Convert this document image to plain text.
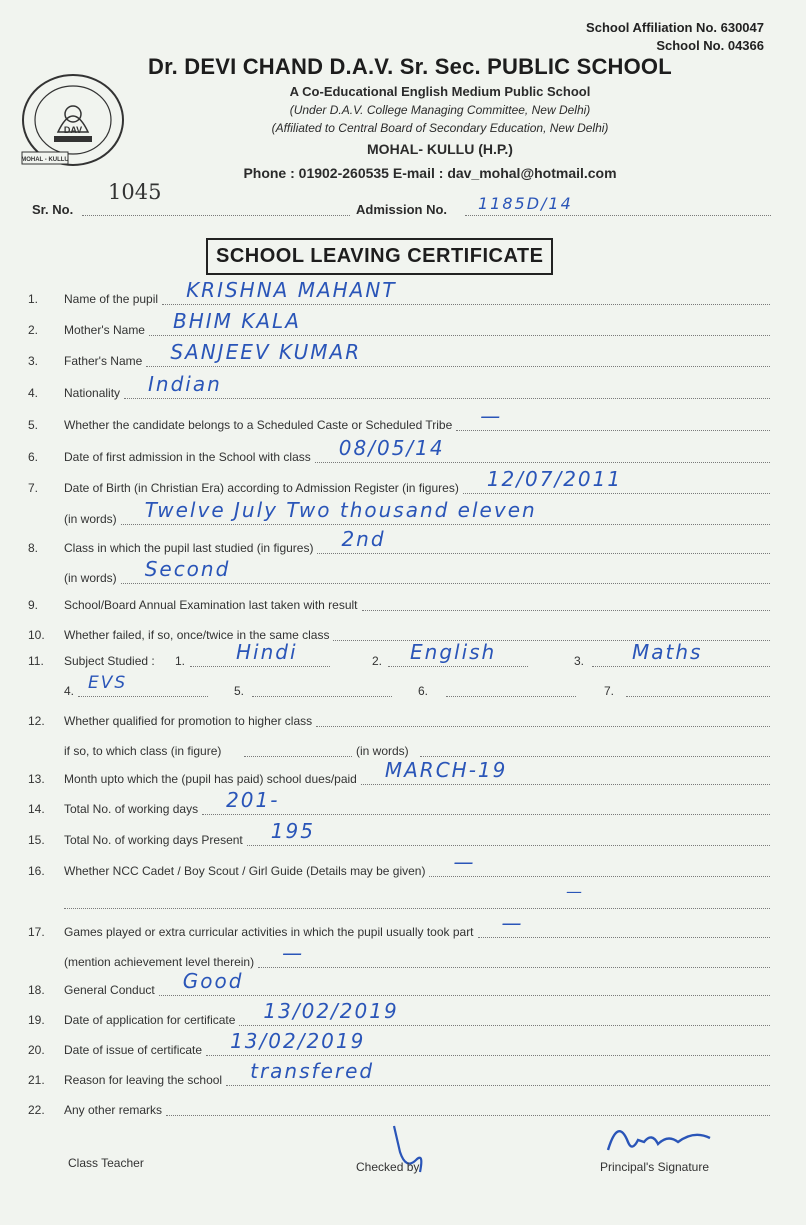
School Affiliation No. 630047
School No. 04366
DAV
MOHAL - KULLU
Dr. DEVI CHAND D.A.V. Sr. Sec. PUBLIC SCHOOL
A Co-Educational English Medium Public School
(Under D.A.V. College Managing Committee, New Delhi)
(Affiliated to Central Board of Secondary Education, New Delhi)
MOHAL- KULLU (H.P.)
Phone : 01902-260535 E-mail : dav_mohal@hotmail.com
1045
Sr. No.	Admission No. 1185D/14
SCHOOL LEAVING CERTIFICATE
1.	Name of the pupil KRISHNA MAHANT
2.	Mother's Name BHIM KALA
3.	Father's Name SANJEEV KUMAR
4.	Nationality Indian
5.	Whether the candidate belongs to a Scheduled Caste or Scheduled Tribe —
6.	Date of first admission in the School with class 08/05/14
7.	Date of Birth (in Christian Era) according to Admission Register (in figures) 12/07/2011
(in words) Twelve July Two thousand eleven
8.	Class in which the pupil last studied (in figures) 2nd
(in words) Second
9.	School/Board Annual Examination last taken with result
10.	Whether failed, if so, once/twice in the same class
12.	Whether qualified for promotion to higher class
13.	Month upto which the (pupil has paid) school dues/paid MARCH-19
14.	Total No. of working days 201-
15.	Total No. of working days Present 195
16.	Whether NCC Cadet / Boy Scout / Girl Guide (Details may be given) —
17.	Games played or extra curricular activities in which the pupil usually took part —
(mention achievement level therein) —
18.	General Conduct Good
19.	Date of application for certificate 13/02/2019
20.	Date of issue of certificate 13/02/2019
21.	Reason for leaving the school transfered
22.	Any other remarks
11.	Subject Studied : 1.	Hindi	2. English	3. Maths
4. EVS	5.	6.	7.
if so, to which class (in figure)	(in words)
—
Class Teacher	Checked by	Principal's Signature
